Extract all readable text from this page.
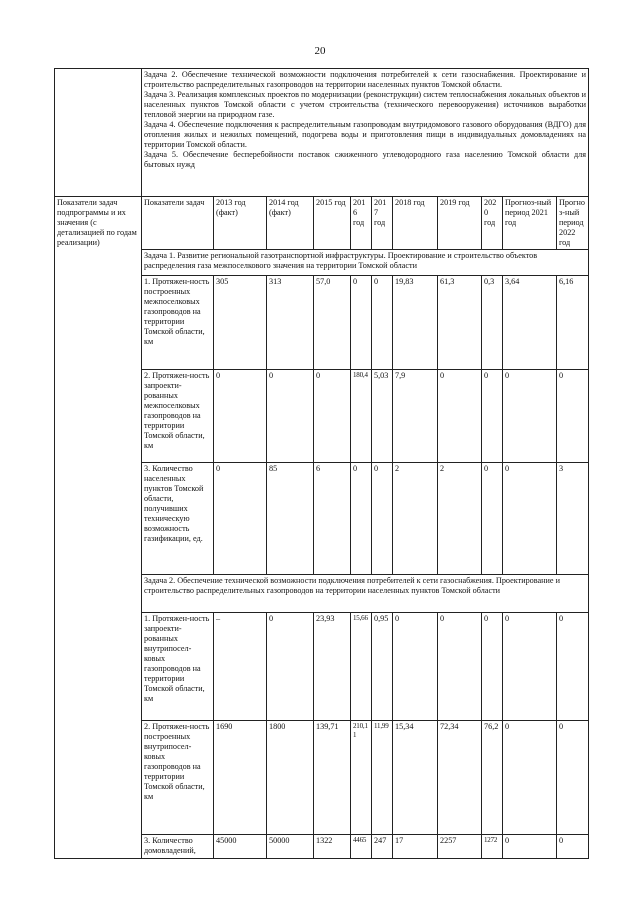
20

	Задача 2. Обеспечение технической возможности подключения потребителей к сети газоснабжения. Проектирование и строительство распределительных газопроводов на территории населенных пунктов Томской области.
Задача 3. Реализация комплексных проектов по модернизации (реконструкции) систем теплоснабжения локальных объектов и населенных пунктов Томской области с учетом строительства (технического перевооружения) источников выработки тепловой энергии на природном газе.
Задача 4. Обеспечение подключения к распределительным газопроводам внутридомового газового оборудования (ВДГО) для отопления жилых и нежилых помещений, подогрева воды и приготовления пищи в индивидуальных домовладениях на территории Томской области.
Задача 5. Обеспечение бесперебойности поставок сжиженного углеводородного газа населению Томской области для бытовых нужд										

Показатели задач подпрограммы и их значения (с детализацией по годам реализации)	Показатели задач	2013 год (факт)	2014 год (факт)	2015 год	2016 год	2017 год	2018 год	2019 год	2020 год	Прогноз-ный период 2021 год	Прогноз-ный период 2022 год
	Задача 1. Развитие региональной газотранспортной инфраструктуры. Проектирование и строительство объектов распределения газа межпоселкового значения на территории Томской области										
	1. Протяжен-ность построенных межпоселковых газопроводов на территории Томской области, км	305	313	57,0	0	0	19,83	61,3	0,3	3,64	6,16
	2. Протяжен-ность запроекти-рованных межпоселковых газопроводов на территории Томской области, км	0	0	0	180,4	5,03	7,9	0	0	0	0
	3. Количество населенных пунктов Томской области, получивших техническую возможность газификации, ед.	0	85	6	0	0	2	2	0	0	3
	Задача 2. Обеспечение технической возможности подключения потребителей к сети газоснабжения. Проектирование и строительство распределительных газопроводов на территории населенных пунктов Томской области										
	1. Протяжен-ность запроекти-рованных внутрипосел-ковых газопроводов на территории Томской области, км	–	0	23,93	15,66	0,95	0	0	0	0	0
	2. Протяжен-ность построенных внутрипосел-ковых газопроводов на территории Томской области, км	1690	1800	139,71	210,1 1	11,99	15,34	72,34	76,2	0	0
	3. Количество домовладений,	45000	50000	1322	4465	247	17	2257	1272	0	0
